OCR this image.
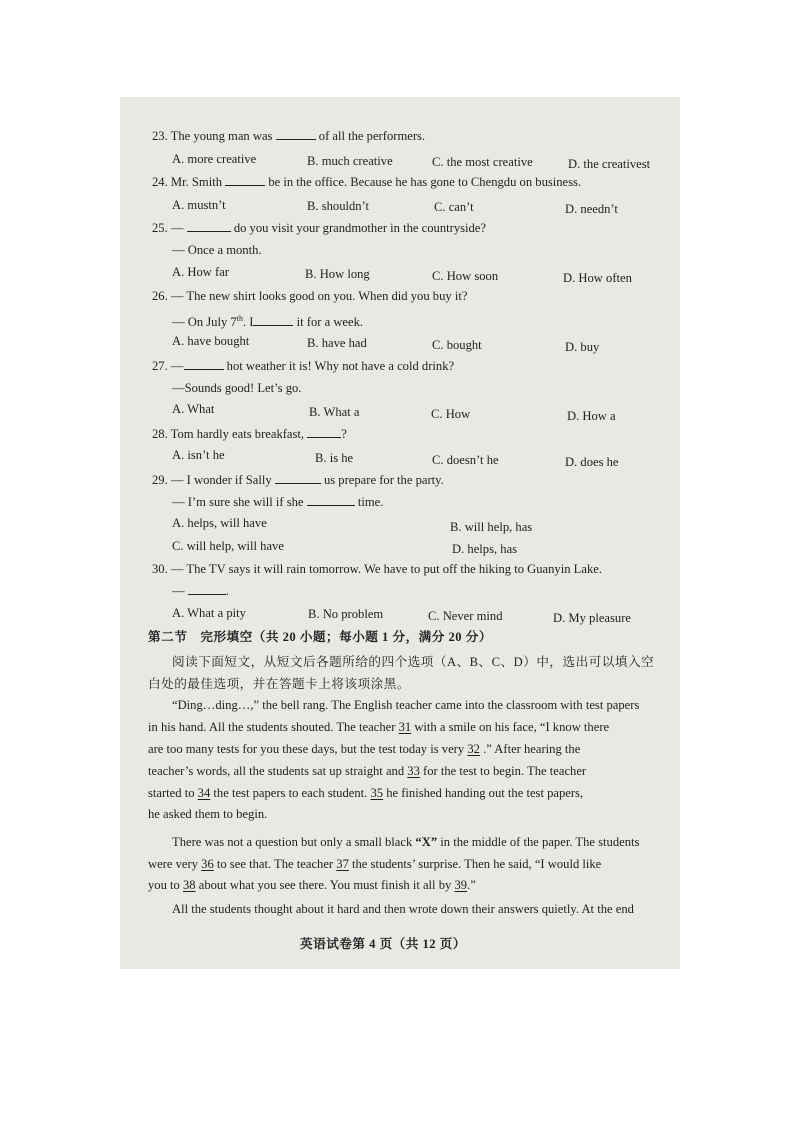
23. The young man was	of all the performers.
A. more creative	B. much creative	C. the most creative	D. the creativest
24. Mr. Smith	be in the office. Because he has gone to Chengdu on business.
A. mustn’t	B. shouldn’t	C. can’t	D. needn’t
25. —	do you visit your grandmother in the countryside?
— Once a month.
A. How far	B. How long	C. How soon	D. How often
26. — The new shirt looks good on you. When did you buy it?
— On July 7th. I	it for a week.
A. have bought	B. have had	C. bought	D. buy
27. —	hot weather it is! Why not have a cold drink?
—Sounds good! Let’s go.
A. What	B. What a	C. How	D. How a
28. Tom hardly eats breakfast,	?
A. isn’t he	B. is he	C. doesn’t he	D. does he
29. — I wonder if Sally	us prepare for the party.
— I’m sure she will if she	time.
A. helps, will have	B. will help, has
C. will help, will have	D. helps, has
30. — The TV says it will rain tomorrow. We have to put off the hiking to Guanyin Lake.
—	.
A. What a pity	B. No problem	C. Never mind	D. My pleasure
第二节　完形填空（共 20 小题；每小题 1 分，满分 20 分）
阅读下面短文，从短文后各题所给的四个选项（A、B、C、D）中，选出可以填入空
白处的最佳选项，并在答题卡上将该项涂黑。
“Ding…ding…,” the bell rang. The English teacher came into the classroom with test papers
in his hand. All the students shouted. The teacher 31 with a smile on his face, “I know there
are too many tests for you these days, but the test today is very 32 .” After hearing the
teacher’s words, all the students sat up straight and 33 for the test to begin. The teacher
started to 34 the test papers to each student. 35 he finished handing out the test papers,
he asked them to begin.
There was not a question but only a small black “X” in the middle of the paper. The students
were very 36 to see that. The teacher 37 the students’ surprise. Then he said, “I would like
you to 38 about what you see there. You must finish it all by 39.”
All the students thought about it hard and then wrote down their answers quietly. At the end
英语试卷第 4 页（共 12 页）
